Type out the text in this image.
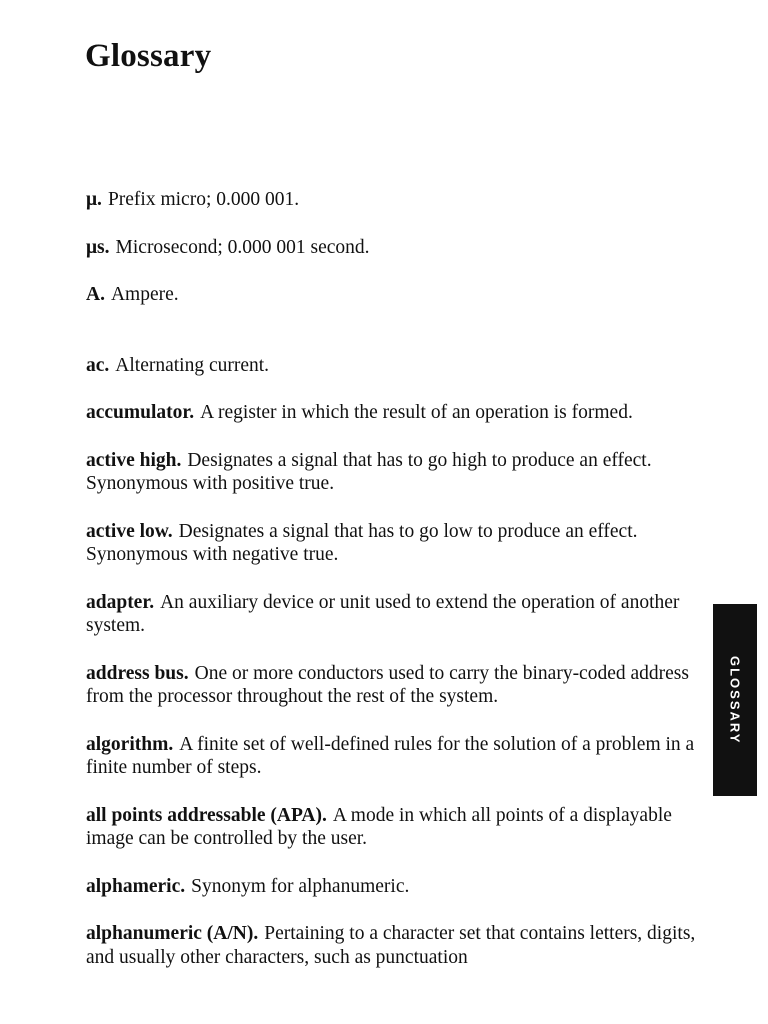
Glossary

μ. Prefix micro; 0.000 001.

μs. Microsecond; 0.000 001 second.

A. Ampere.

ac. Alternating current.

accumulator. A register in which the result of an operation is formed.

active high. Designates a signal that has to go high to produce an effect. Synonymous with positive true.

active low. Designates a signal that has to go low to produce an effect. Synonymous with negative true.

adapter. An auxiliary device or unit used to extend the operation of another system.

address bus. One or more conductors used to carry the binary-coded address from the processor throughout the rest of the system.

algorithm. A finite set of well-defined rules for the solution of a problem in a finite number of steps.

all points addressable (APA). A mode in which all points of a displayable image can be controlled by the user.

alphameric. Synonym for alphanumeric.

alphanumeric (A/N). Pertaining to a character set that contains letters, digits, and usually other characters, such as punctuation

GLOSSARY
